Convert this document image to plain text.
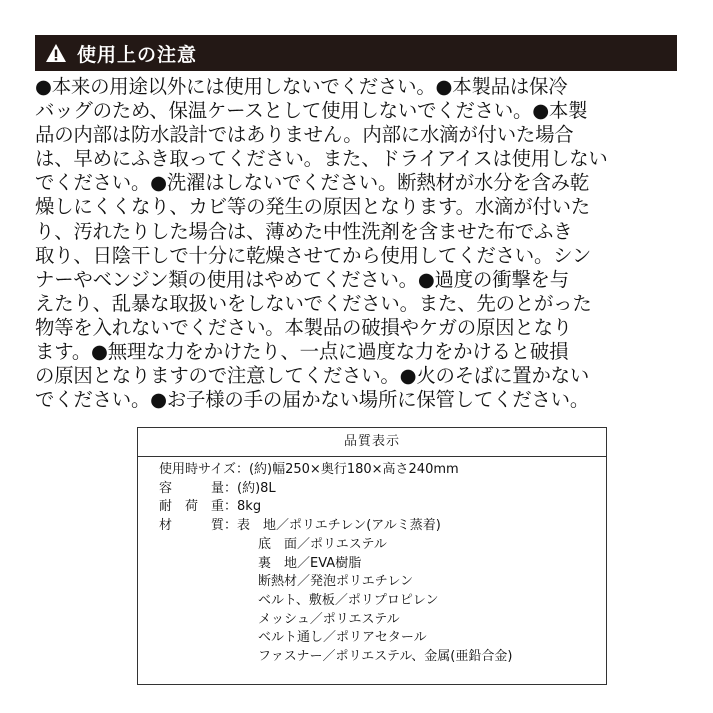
使用上の注意
●本来の用途以外には使用しないでください。●本製品は保冷
バッグのため、保温ケースとして使用しないでください。●本製
品の内部は防水設計ではありません。内部に水滴が付いた場合
は、早めにふき取ってください。また、ドライアイスは使用しない
でください。●洗濯はしないでください。断熱材が水分を含み乾
燥しにくくなり、カビ等の発生の原因となります。水滴が付いた
り、汚れたりした場合は、薄めた中性洗剤を含ませた布でふき
取り、日陰干しで十分に乾燥させてから使用してください。シン
ナーやベンジン類の使用はやめてください。●過度の衝撃を与
えたり、乱暴な取扱いをしないでください。また、先のとがった
物等を入れないでください。本製品の破損やケガの原因となり
ます。●無理な力をかけたり、一点に過度な力をかけると破損
の原因となりますので注意してください。●火のそばに置かない
でください。●お子様の手の届かない場所に保管してください。
品質表示
使用時サイズ： (約)幅250×奥行180×高さ240mm
容　　　量： (約)8L
耐　荷　重： 8kg
材　　　質： 表　地 ／ ポリエチレン(アルミ蒸着)
底　面 ／ ポリエステル
裏　地 ／ EVA樹脂
断熱材 ／ 発泡ポリエチレン
ベルト、敷板 ／ ポリプロピレン
メッシュ ／ ポリエステル
ベルト通し ／ ポリアセタール
ファスナー ／ ポリエステル、金属(亜鉛合金)
